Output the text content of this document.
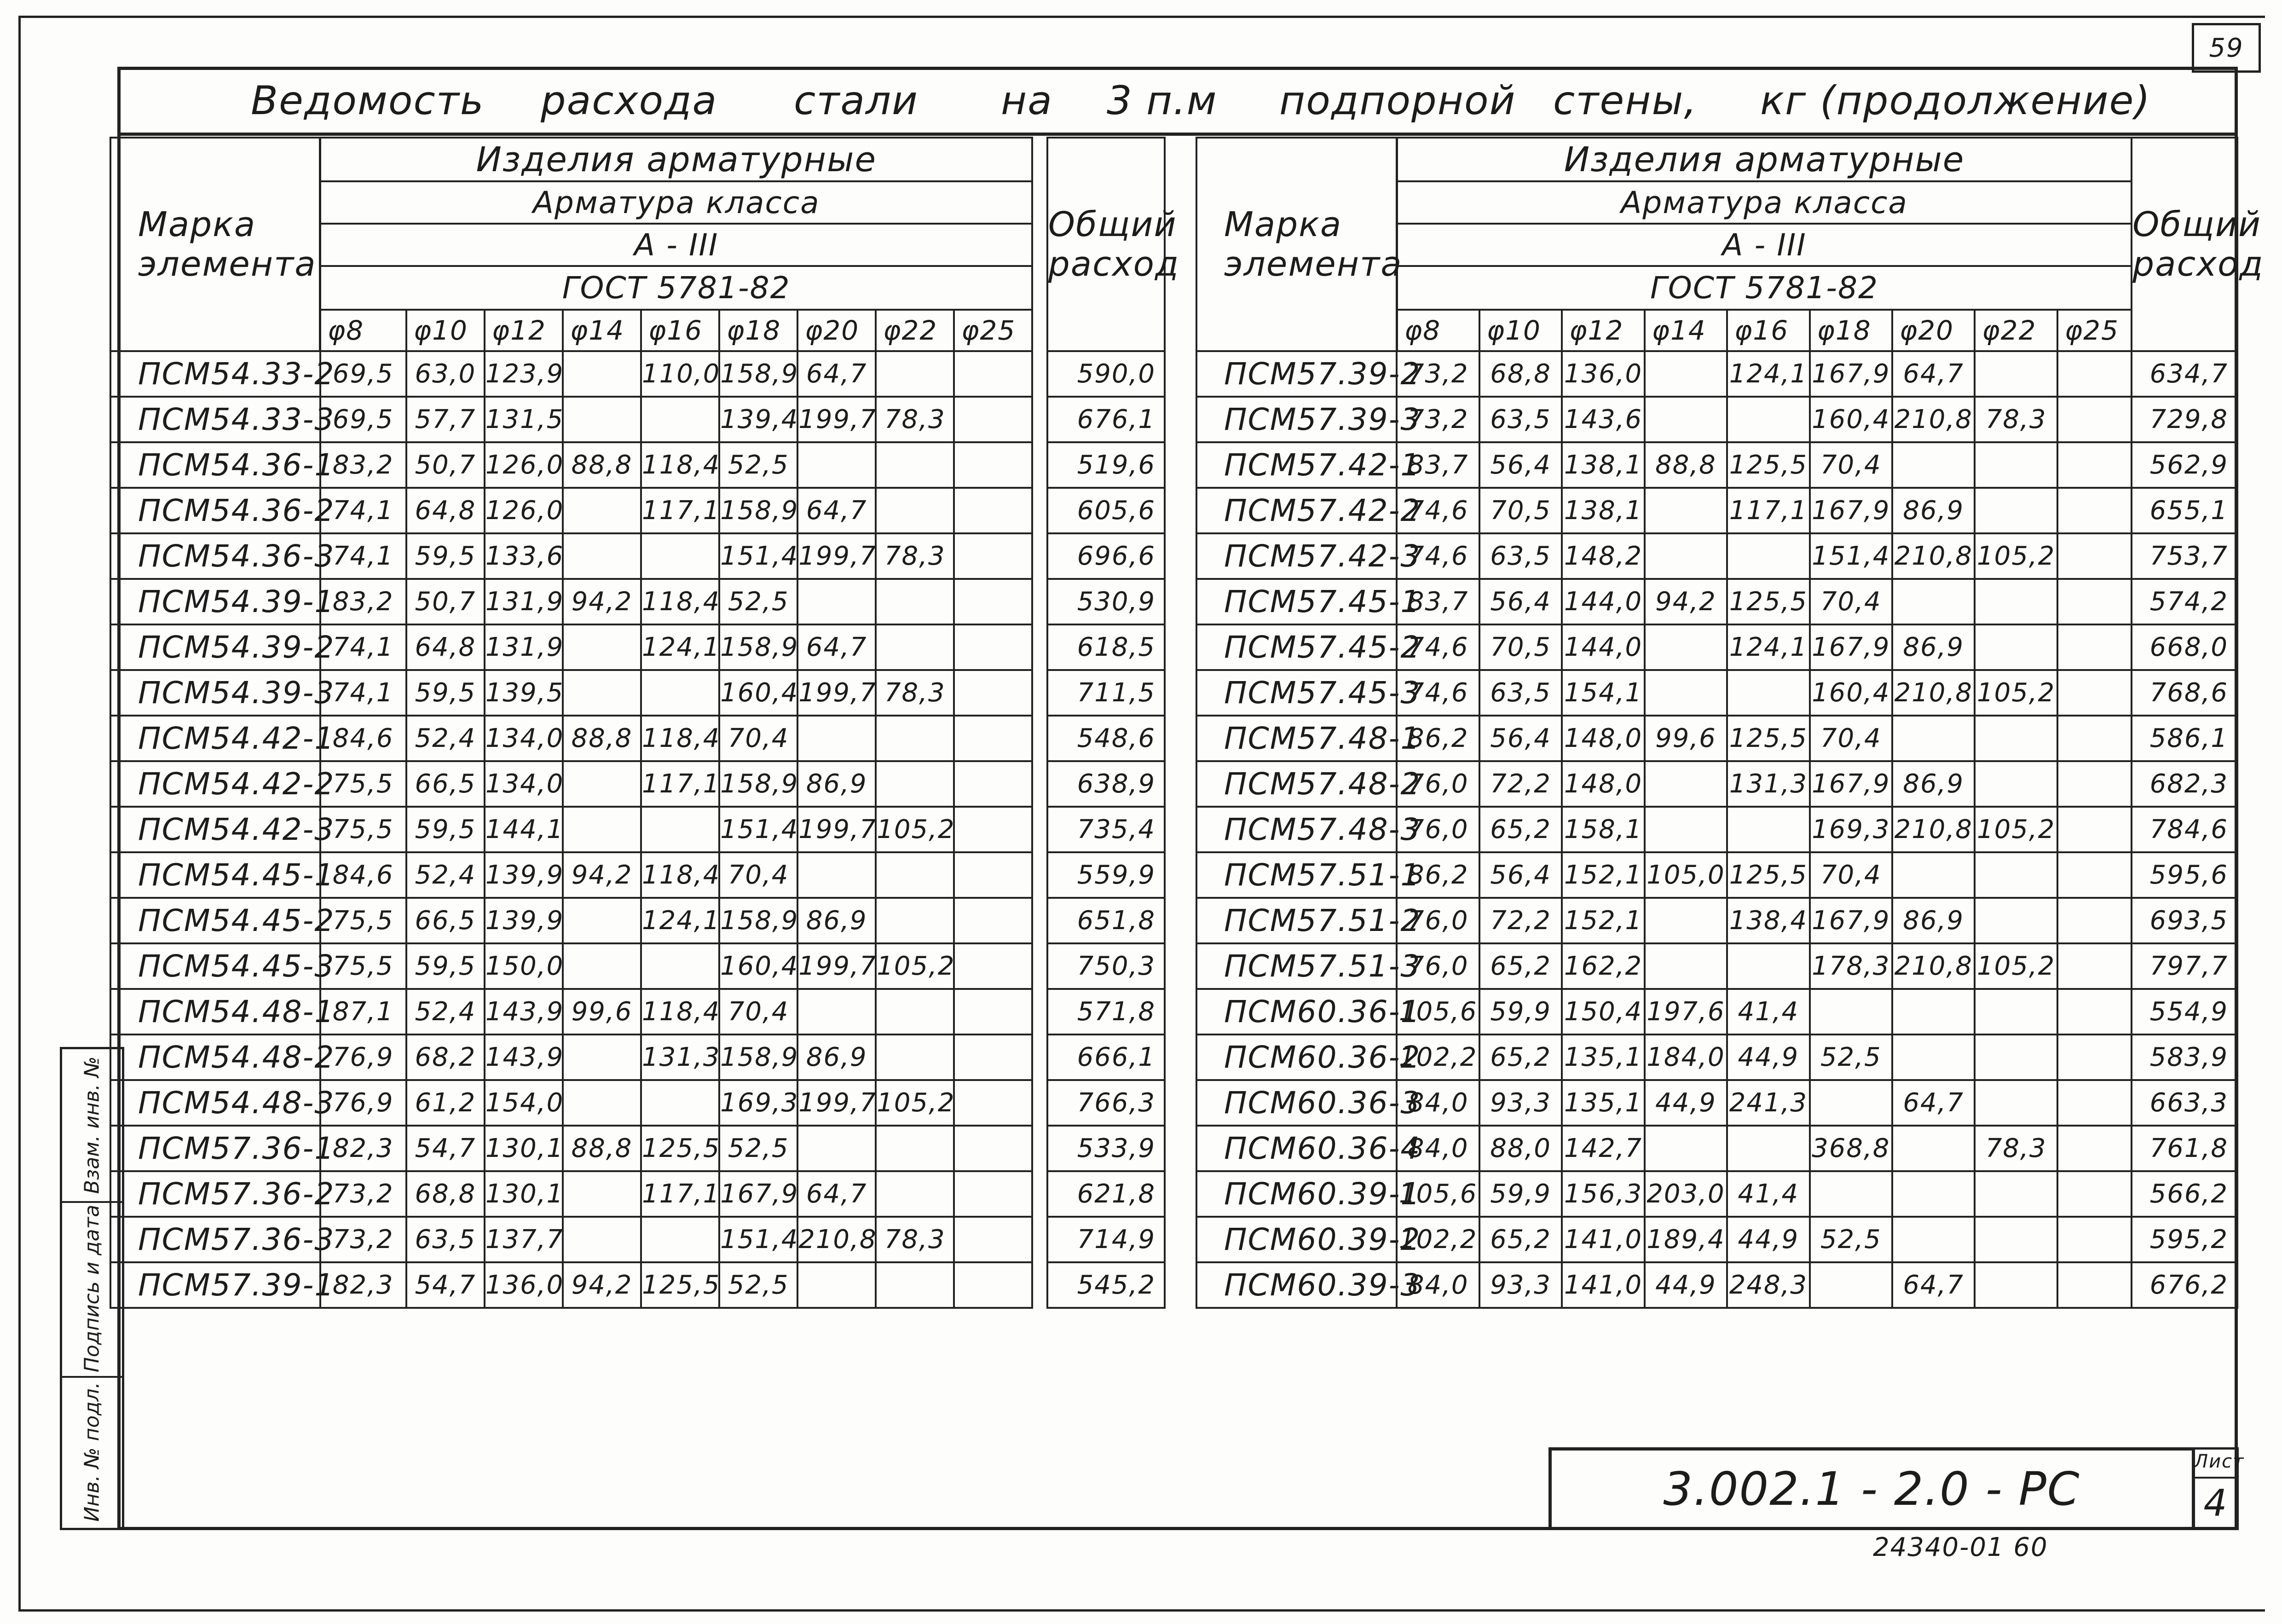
59
Ведомость расхода стали на 3 п.м подпорной стены, кг (продолжение)
Марка
элемента	Изделия арматурные										Общий
расход
	Арматура класса										
	А - III										
	ГОСТ 5781-82										
	φ8	φ10	φ12	φ14	φ16	φ18	φ20	φ22	φ25		
ПСМ54.33-2	69,5	63,0	123,9		110,0	158,9	64,7				590,0
ПСМ54.33-3	69,5	57,7	131,5			139,4	199,7	78,3			676,1
ПСМ54.36-1	83,2	50,7	126,0	88,8	118,4	52,5					519,6
ПСМ54.36-2	74,1	64,8	126,0		117,1	158,9	64,7				605,6
ПСМ54.36-3	74,1	59,5	133,6			151,4	199,7	78,3			696,6
ПСМ54.39-1	83,2	50,7	131,9	94,2	118,4	52,5					530,9
ПСМ54.39-2	74,1	64,8	131,9		124,1	158,9	64,7				618,5
ПСМ54.39-3	74,1	59,5	139,5			160,4	199,7	78,3			711,5
ПСМ54.42-1	84,6	52,4	134,0	88,8	118,4	70,4					548,6
ПСМ54.42-2	75,5	66,5	134,0		117,1	158,9	86,9				638,9
ПСМ54.42-3	75,5	59,5	144,1			151,4	199,7	105,2			735,4
ПСМ54.45-1	84,6	52,4	139,9	94,2	118,4	70,4					559,9
ПСМ54.45-2	75,5	66,5	139,9		124,1	158,9	86,9				651,8
ПСМ54.45-3	75,5	59,5	150,0			160,4	199,7	105,2			750,3
ПСМ54.48-1	87,1	52,4	143,9	99,6	118,4	70,4					571,8
ПСМ54.48-2	76,9	68,2	143,9		131,3	158,9	86,9				666,1
ПСМ54.48-3	76,9	61,2	154,0			169,3	199,7	105,2			766,3
ПСМ57.36-1	82,3	54,7	130,1	88,8	125,5	52,5					533,9
ПСМ57.36-2	73,2	68,8	130,1		117,1	167,9	64,7				621,8
ПСМ57.36-3	73,2	63,5	137,7			151,4	210,8	78,3			714,9
ПСМ57.39-1	82,3	54,7	136,0	94,2	125,5	52,5					545,2
Марка
элемента	Изделия арматурные									Общий
расход
	Арматура класса									
	А - III									
	ГОСТ 5781-82									
	φ8	φ10	φ12	φ14	φ16	φ18	φ20	φ22	φ25	
ПСМ57.39-2	73,2	68,8	136,0		124,1	167,9	64,7			634,7
ПСМ57.39-3	73,2	63,5	143,6			160,4	210,8	78,3		729,8
ПСМ57.42-1	83,7	56,4	138,1	88,8	125,5	70,4				562,9
ПСМ57.42-2	74,6	70,5	138,1		117,1	167,9	86,9			655,1
ПСМ57.42-3	74,6	63,5	148,2			151,4	210,8	105,2		753,7
ПСМ57.45-1	83,7	56,4	144,0	94,2	125,5	70,4				574,2
ПСМ57.45-2	74,6	70,5	144,0		124,1	167,9	86,9			668,0
ПСМ57.45-3	74,6	63,5	154,1			160,4	210,8	105,2		768,6
ПСМ57.48-1	86,2	56,4	148,0	99,6	125,5	70,4				586,1
ПСМ57.48-2	76,0	72,2	148,0		131,3	167,9	86,9			682,3
ПСМ57.48-3	76,0	65,2	158,1			169,3	210,8	105,2		784,6
ПСМ57.51-1	86,2	56,4	152,1	105,0	125,5	70,4				595,6
ПСМ57.51-2	76,0	72,2	152,1		138,4	167,9	86,9			693,5
ПСМ57.51-3	76,0	65,2	162,2			178,3	210,8	105,2		797,7
ПСМ60.36-1	105,6	59,9	150,4	197,6	41,4					554,9
ПСМ60.36-2	102,2	65,2	135,1	184,0	44,9	52,5				583,9
ПСМ60.36-3	84,0	93,3	135,1	44,9	241,3		64,7			663,3
ПСМ60.36-4	84,0	88,0	142,7			368,8		78,3		761,8
ПСМ60.39-1	105,6	59,9	156,3	203,0	41,4					566,2
ПСМ60.39-2	102,2	65,2	141,0	189,4	44,9	52,5				595,2
ПСМ60.39-3	84,0	93,3	141,0	44,9	248,3		64,7			676,2
Взам. инв. №
Подпись и дата
Инв. № подл.	3.002.1 - 2.0 - РС
Лист
4
24340-01 60
